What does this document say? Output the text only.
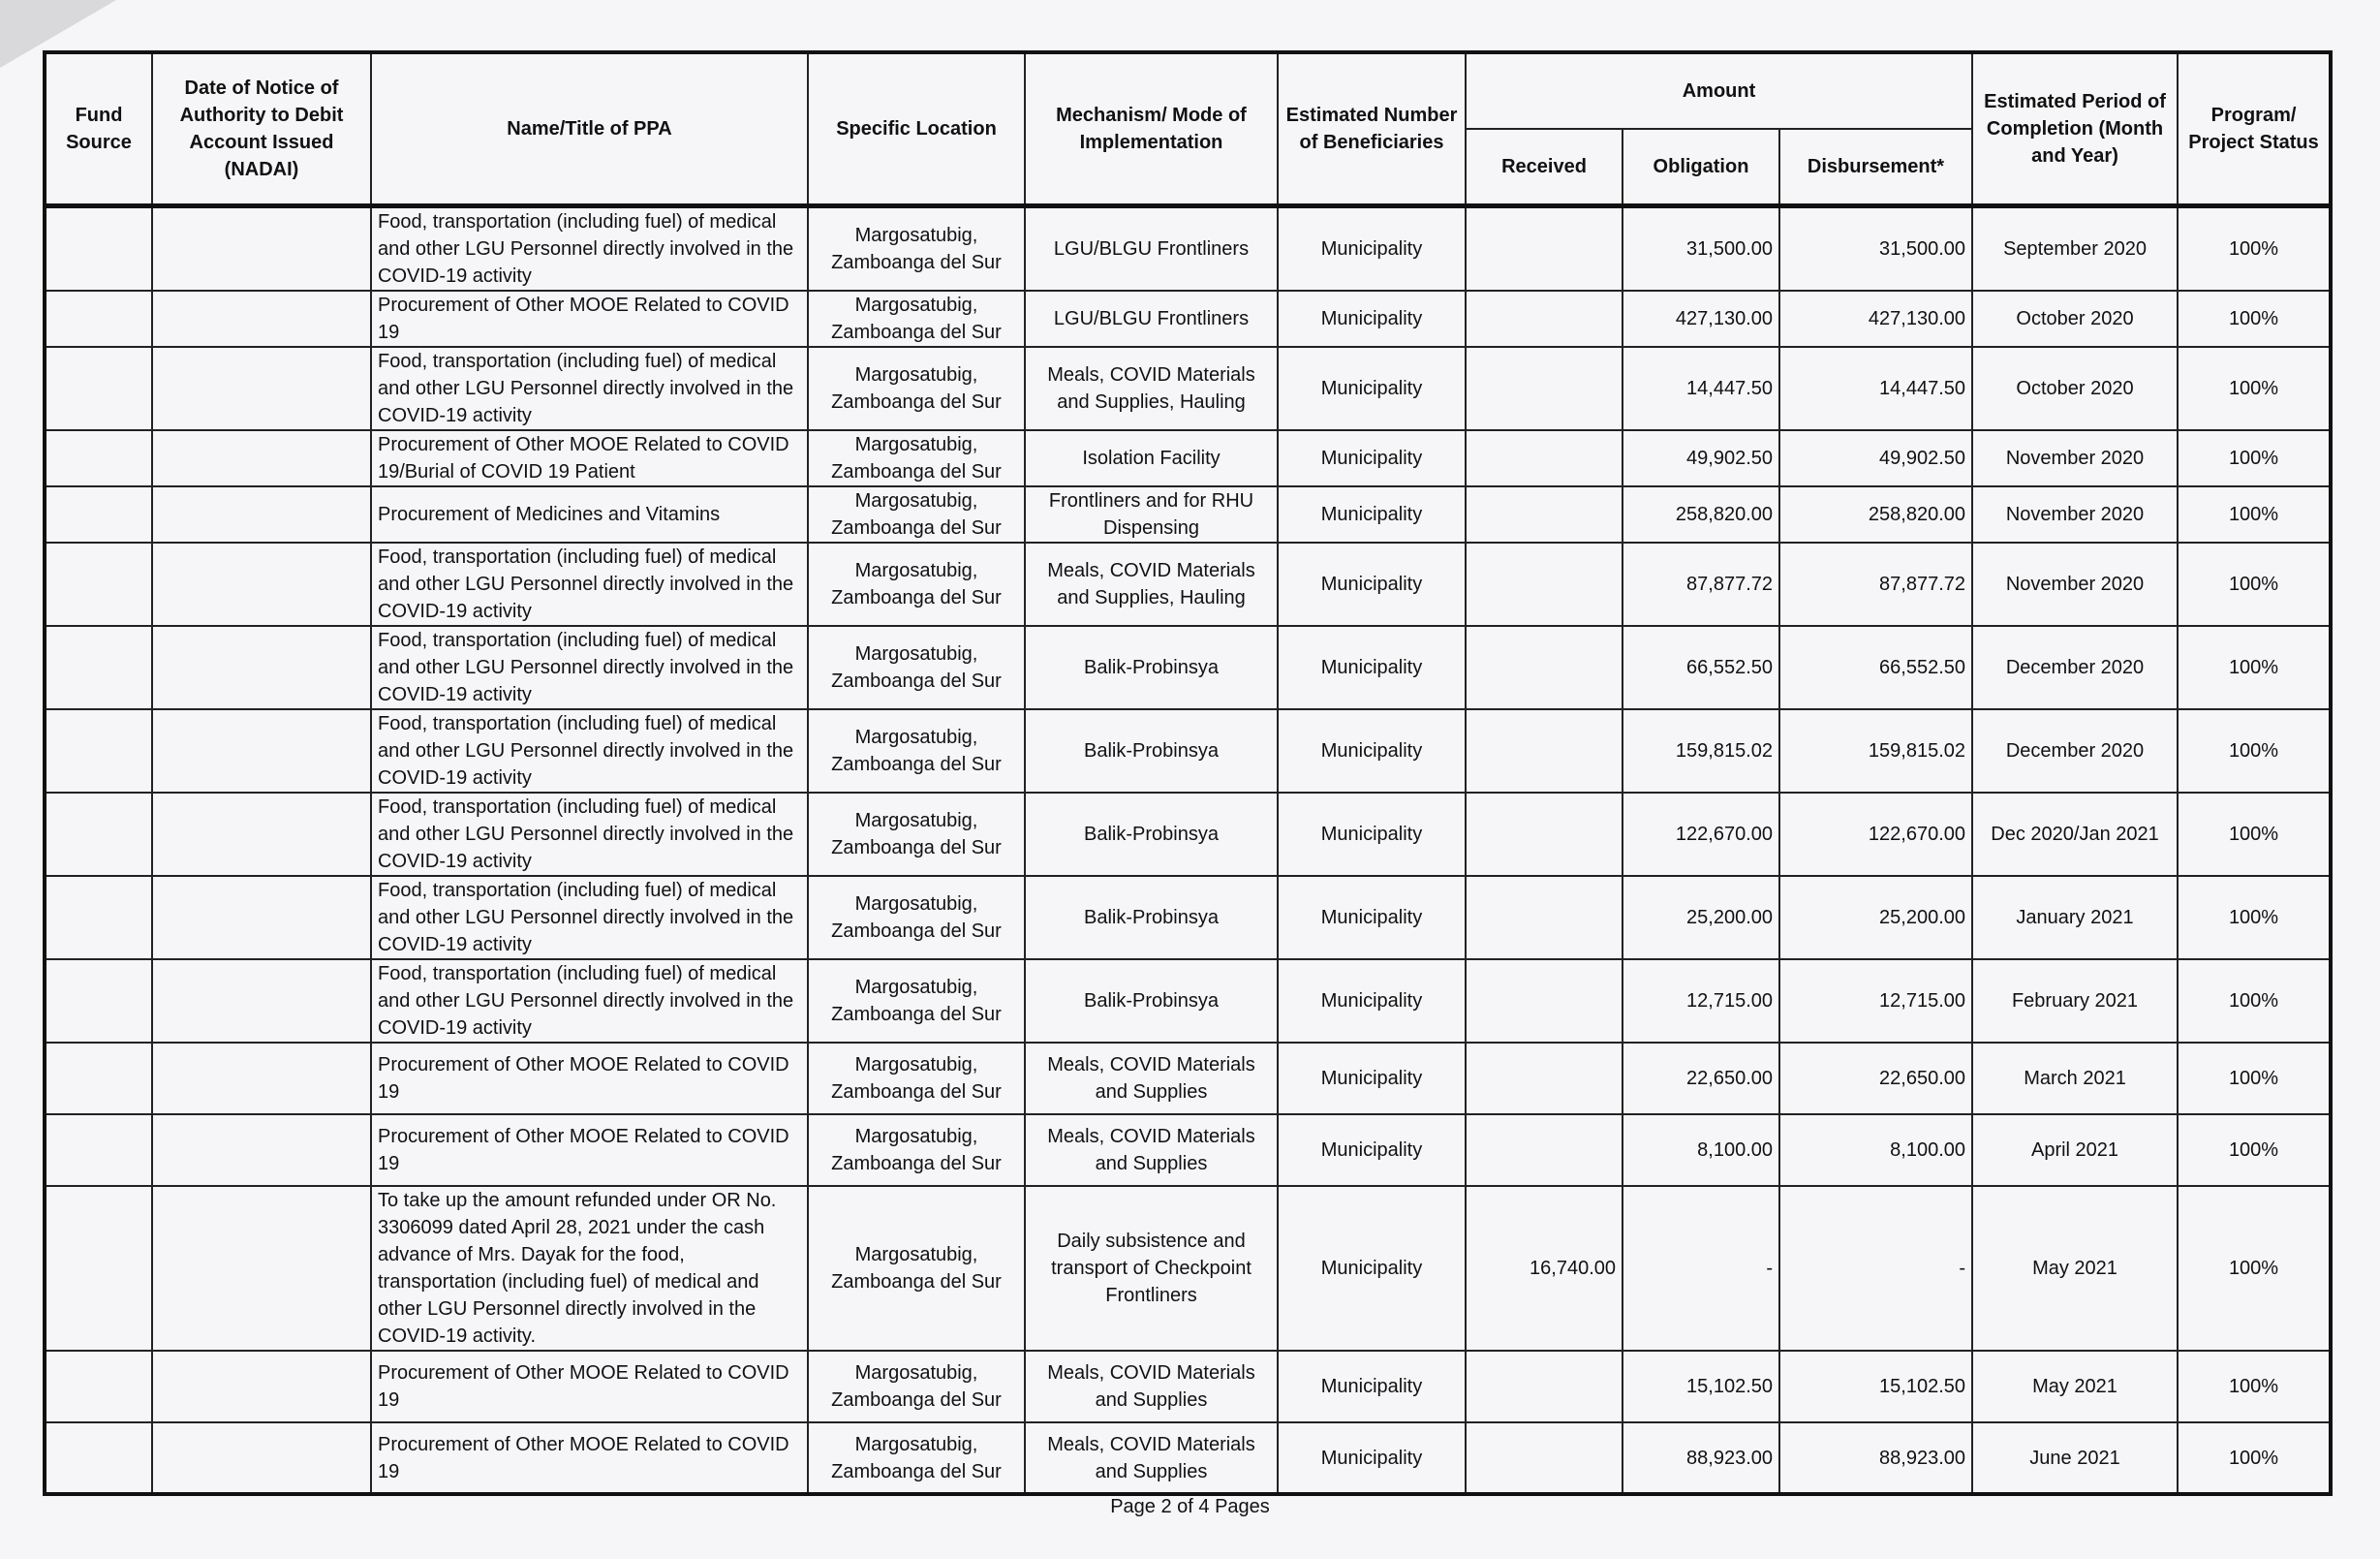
Fund Source	Date of Notice of Authority to Debit Account Issued (NADAI)	Name/Title of PPA	Specific Location	Mechanism/ Mode of Implementation	Estimated Number of Beneficiaries	Amount			Estimated Period of Completion (Month and Year)	Program/ Project Status
						Received	Obligation	Disbursement*		
		Food, transportation (including fuel) of medical and other LGU Personnel directly involved in the COVID-19 activity	Margosatubig, Zamboanga del Sur	LGU/BLGU Frontliners	Municipality		31,500.00	31,500.00	September 2020	100%
		Procurement of Other MOOE Related to COVID 19	Margosatubig, Zamboanga del Sur	LGU/BLGU Frontliners	Municipality		427,130.00	427,130.00	October 2020	100%
		Food, transportation (including fuel) of medical and other LGU Personnel directly involved in the COVID-19 activity	Margosatubig, Zamboanga del Sur	Meals, COVID Materials and Supplies, Hauling	Municipality		14,447.50	14,447.50	October 2020	100%
		Procurement of Other MOOE Related to COVID 19/Burial of COVID 19 Patient	Margosatubig, Zamboanga del Sur	Isolation Facility	Municipality		49,902.50	49,902.50	November 2020	100%
		Procurement of Medicines and Vitamins	Margosatubig, Zamboanga del Sur	Frontliners and for RHU Dispensing	Municipality		258,820.00	258,820.00	November 2020	100%
		Food, transportation (including fuel) of medical and other LGU Personnel directly involved in the COVID-19 activity	Margosatubig, Zamboanga del Sur	Meals, COVID Materials and Supplies, Hauling	Municipality		87,877.72	87,877.72	November 2020	100%
		Food, transportation (including fuel) of medical and other LGU Personnel directly involved in the COVID-19 activity	Margosatubig, Zamboanga del Sur	Balik-Probinsya	Municipality		66,552.50	66,552.50	December 2020	100%
		Food, transportation (including fuel) of medical and other LGU Personnel directly involved in the COVID-19 activity	Margosatubig, Zamboanga del Sur	Balik-Probinsya	Municipality		159,815.02	159,815.02	December 2020	100%
		Food, transportation (including fuel) of medical and other LGU Personnel directly involved in the COVID-19 activity	Margosatubig, Zamboanga del Sur	Balik-Probinsya	Municipality		122,670.00	122,670.00	Dec 2020/Jan 2021	100%
		Food, transportation (including fuel) of medical and other LGU Personnel directly involved in the COVID-19 activity	Margosatubig, Zamboanga del Sur	Balik-Probinsya	Municipality		25,200.00	25,200.00	January 2021	100%
		Food, transportation (including fuel) of medical and other LGU Personnel directly involved in the COVID-19 activity	Margosatubig, Zamboanga del Sur	Balik-Probinsya	Municipality		12,715.00	12,715.00	February 2021	100%
		Procurement of Other MOOE Related to COVID 19	Margosatubig, Zamboanga del Sur	Meals, COVID Materials and Supplies	Municipality		22,650.00	22,650.00	March 2021	100%
		Procurement of Other MOOE Related to COVID 19	Margosatubig, Zamboanga del Sur	Meals, COVID Materials and Supplies	Municipality		8,100.00	8,100.00	April 2021	100%
		To take up the amount refunded under OR No. 3306099 dated April 28, 2021 under the cash advance of Mrs. Dayak for the food, transportation (including fuel) of medical and other LGU Personnel directly involved in the COVID-19 activity.	Margosatubig, Zamboanga del Sur	Daily subsistence and transport of Checkpoint Frontliners	Municipality	16,740.00	-	-	May 2021	100%
		Procurement of Other MOOE Related to COVID 19	Margosatubig, Zamboanga del Sur	Meals, COVID Materials and Supplies	Municipality		15,102.50	15,102.50	May 2021	100%
		Procurement of Other MOOE Related to COVID 19	Margosatubig, Zamboanga del Sur	Meals, COVID Materials and Supplies	Municipality		88,923.00	88,923.00	June 2021	100%
Page 2 of 4 Pages
